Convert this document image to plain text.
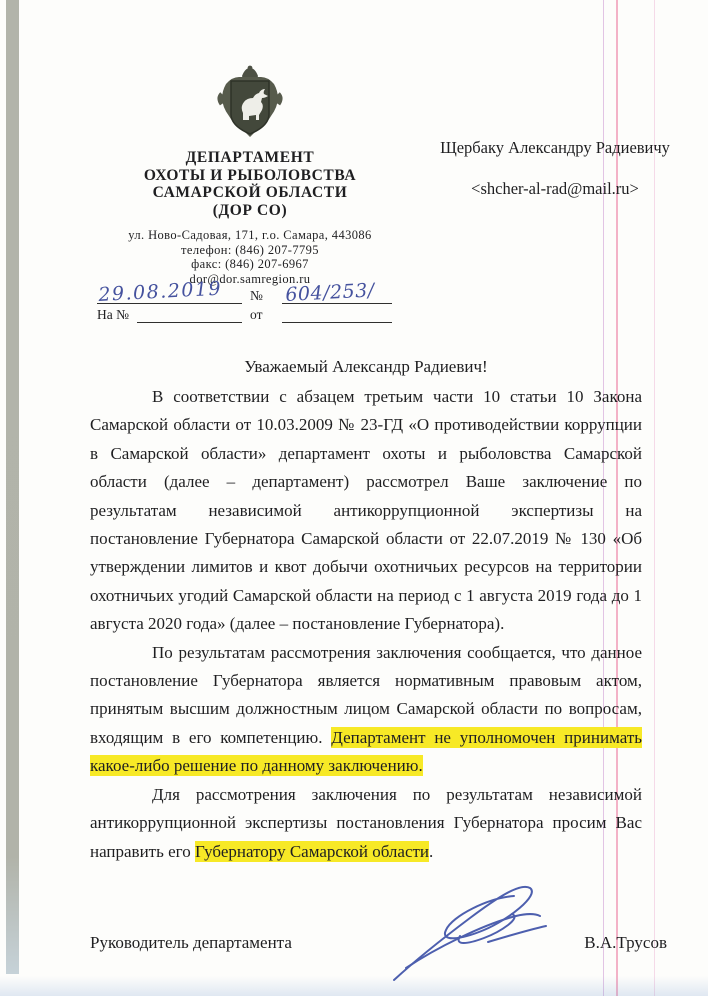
ДЕПАРТАМЕНТ
ОХОТЫ И РЫБОЛОВСТВА
САМАРСКОЙ ОБЛАСТИ
(ДОР СО)
ул. Ново-Садовая, 171, г.о. Самара, 443086
телефон: (846) 207-7795
факс: (846) 207-6967
dor@dor.samregion.ru
Щербаку Александру Радиевичу
<shcher-al-rad@mail.ru>
29.08.2019 №	604/253/
На №	от
Уважаемый Александр Радиевич!

В соответствии с абзацем третьим части 10 статьи 10 Закона Самарской области от 10.03.2009 № 23-ГД «О противодействии коррупции в Самарской области» департамент охоты и рыболовства Самарской области (далее – департамент) рассмотрел Ваше заключение по результатам независимой антикоррупционной экспертизы на постановление Губернатора Самарской области от 22.07.2019 № 130 «Об утверждении лимитов и квот добычи охотничьих ресурсов на территории охотничьих угодий Самарской области на период с 1 августа 2019 года до 1 августа 2020 года» (далее – постановление Губернатора).

По результатам рассмотрения заключения сообщается, что данное постановление Губернатора является нормативным правовым актом, принятым высшим должностным лицом Самарской области по вопросам, входящим в его компетенцию. Департамент не уполномочен принимать какое-либо решение по данному заключению.

Для рассмотрения заключения по результатам независимой антикоррупционной экспертизы постановления Губернатора просим Вас направить его Губернатору Самарской области.

Руководитель департамента	В.А.Трусов
